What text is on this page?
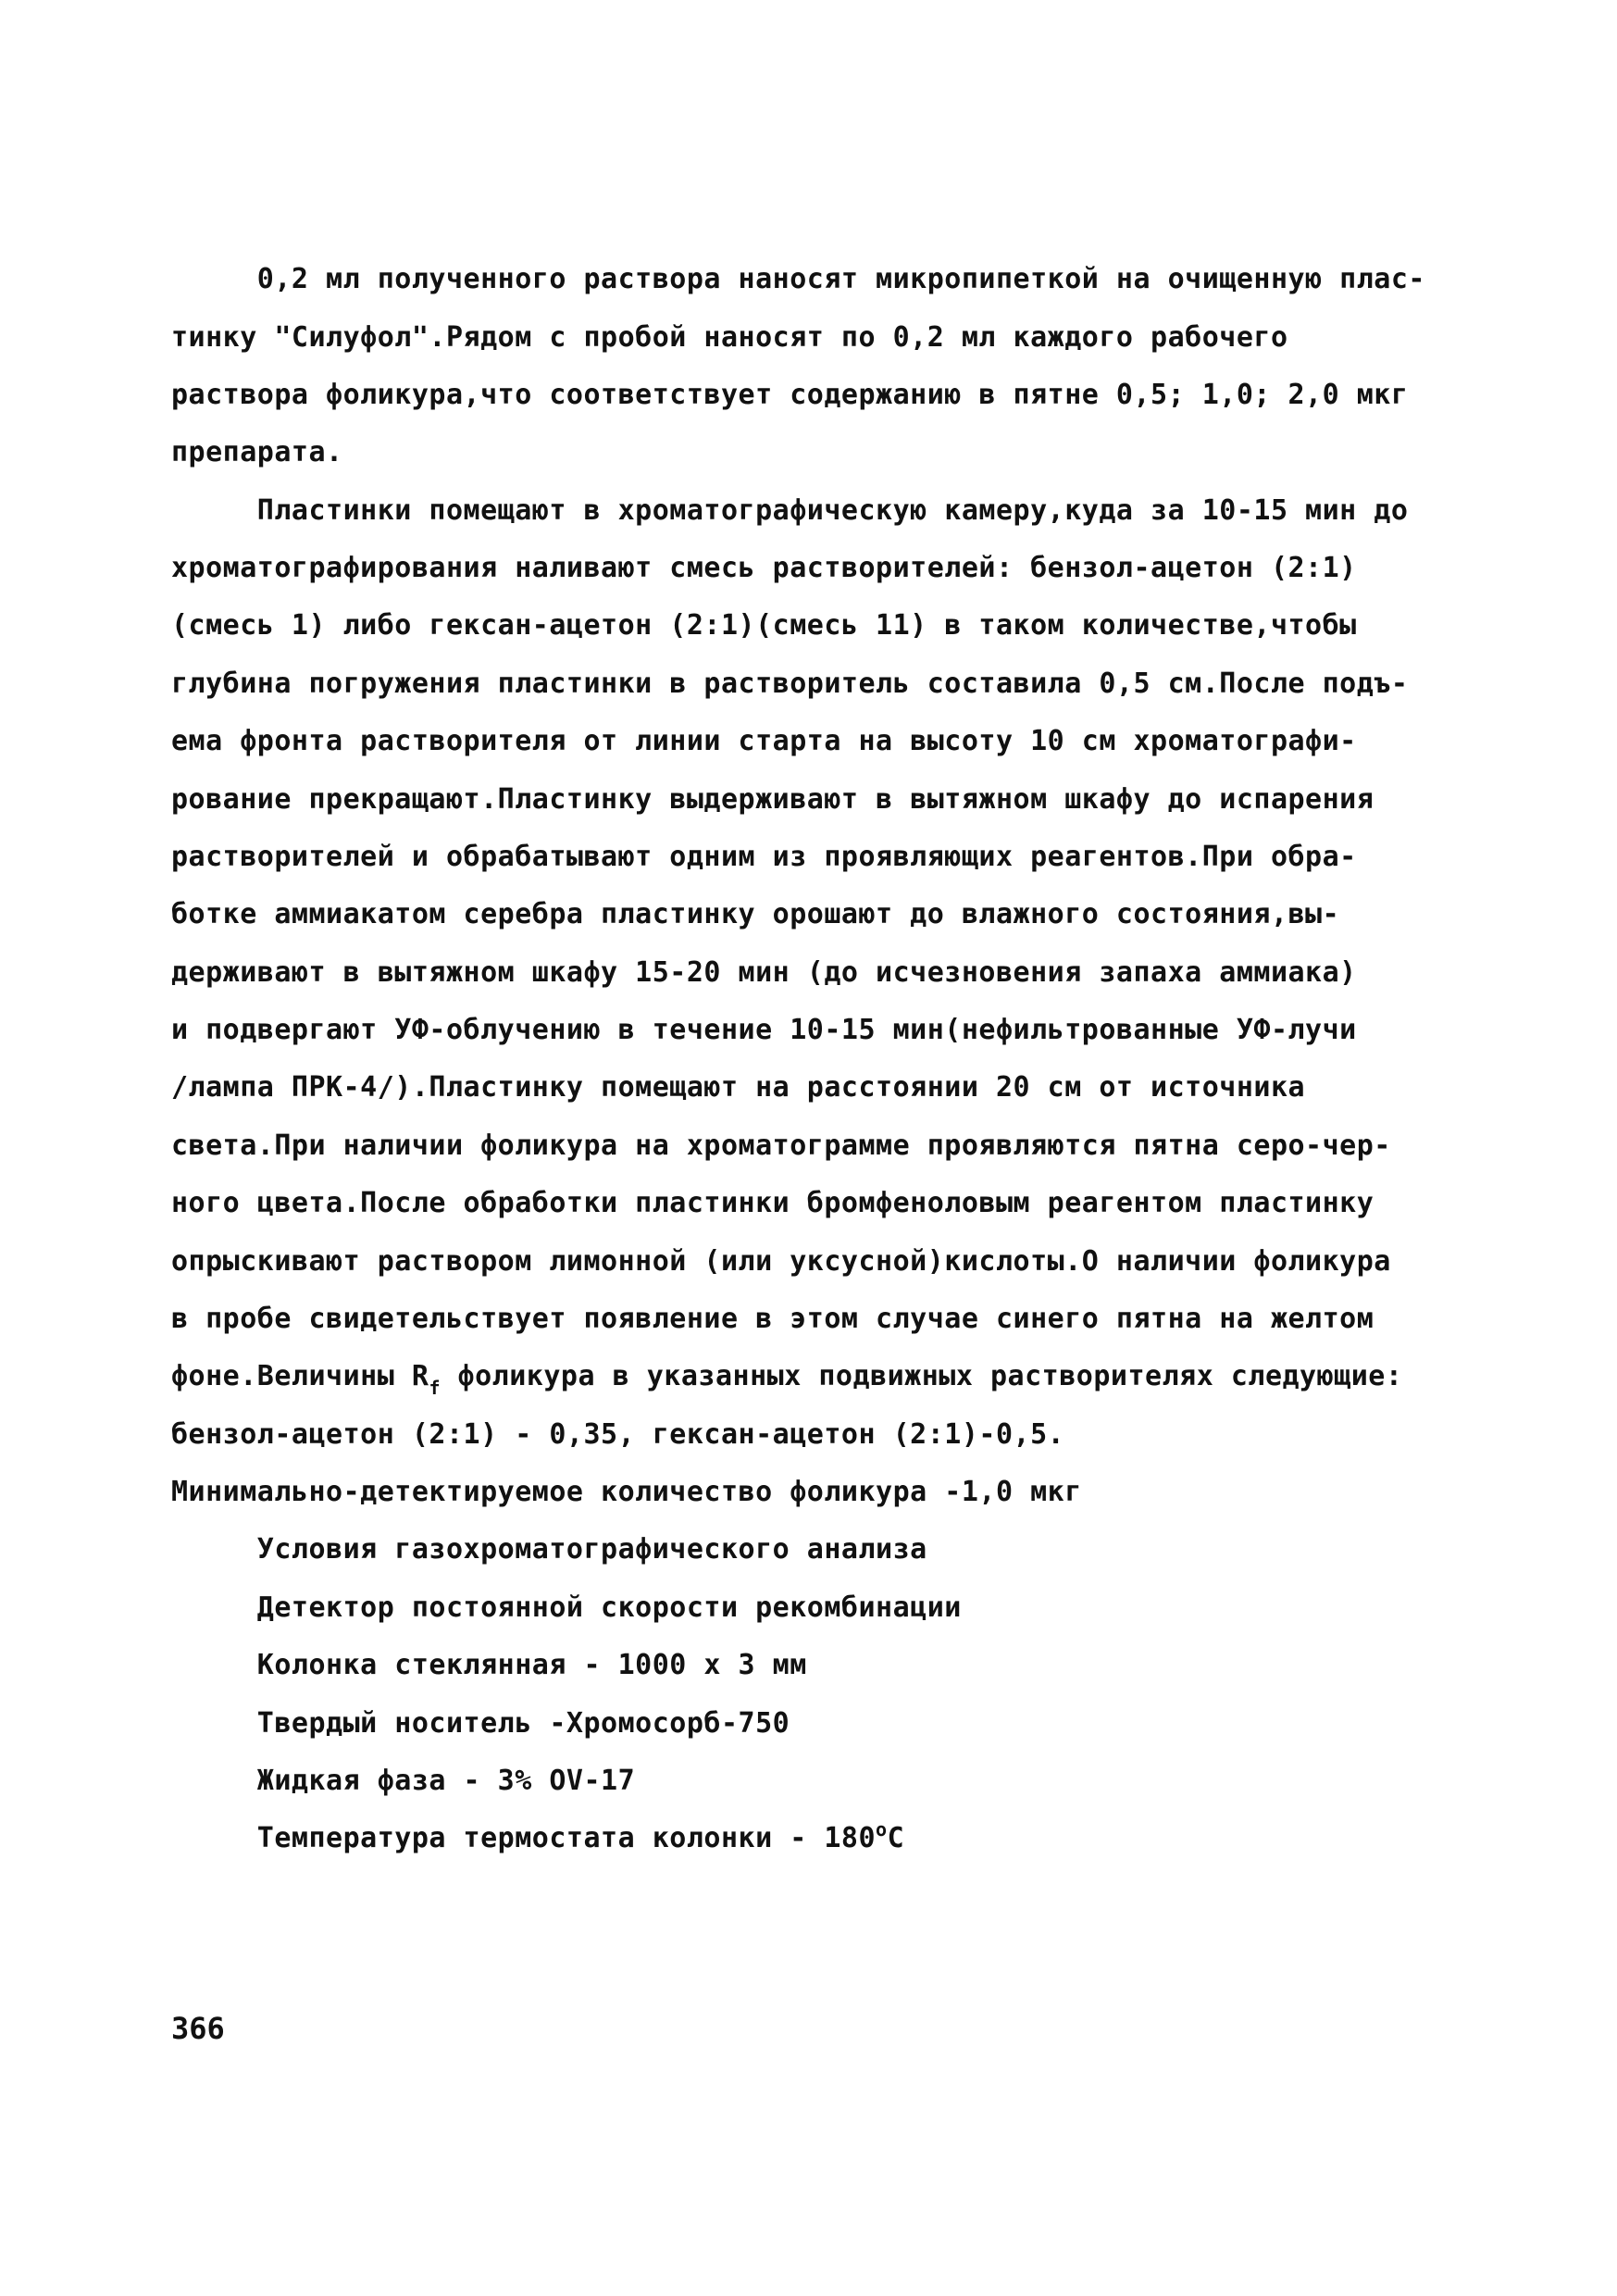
0,2 мл полученного раствора наносят микропипеткой на очищенную плас-
тинку "Силуфол".Рядом с пробой наносят по 0,2 мл каждого рабочего
раствора фоликура,что соответствует содержанию в пятне 0,5; 1,0; 2,0 мкг
препарата.
Пластинки помещают в хроматографическую камеру,куда за 10-15 мин до
хроматографирования наливают смесь растворителей: бензол-ацетон (2:1)
(смесь 1) либо гексан-ацетон (2:1)(смесь 11) в таком количестве,чтобы
глубина погружения пластинки в растворитель составила 0,5 см.После подъ-
ема фронта растворителя от линии старта на высоту 10 см хроматографи-
рование прекращают.Пластинку выдерживают в вытяжном шкафу до испарения
растворителей и обрабатывают одним из проявляющих реагентов.При обра-
ботке аммиакатом серебра пластинку орошают до влажного состояния,вы-
держивают в вытяжном шкафу 15-20 мин (до исчезновения запаха аммиака)
и подвергают УФ-облучению в течение 10-15 мин(нефильтрованные УФ-лучи
/лампа ПРК-4/).Пластинку помещают на расстоянии 20 см от источника
света.При наличии фоликура на хроматограмме проявляются пятна серо-чер-
ного цвета.После обработки пластинки бромфеноловым реагентом пластинку
опрыскивают раствором лимонной (или уксусной)кислоты.О наличии фоликура
в пробе свидетельствует появление в этом случае синего пятна на желтом
фоне.Величины $R_f$ фоликура в указанных подвижных растворителях следующие:
бензол-ацетон (2:1) - 0,35, гексан-ацетон (2:1)-0,5.
Минимально-детектируемое количество фоликура -1,0 мкг
Условия газохроматографического анализа
Детектор постоянной скорости рекомбинации
Колонка стеклянная - 1000 х 3 мм
Твердый носитель -Хромосорб-750
Жидкая фаза - 3% OV-17
Температура термостата колонки - $180^оС$
366
